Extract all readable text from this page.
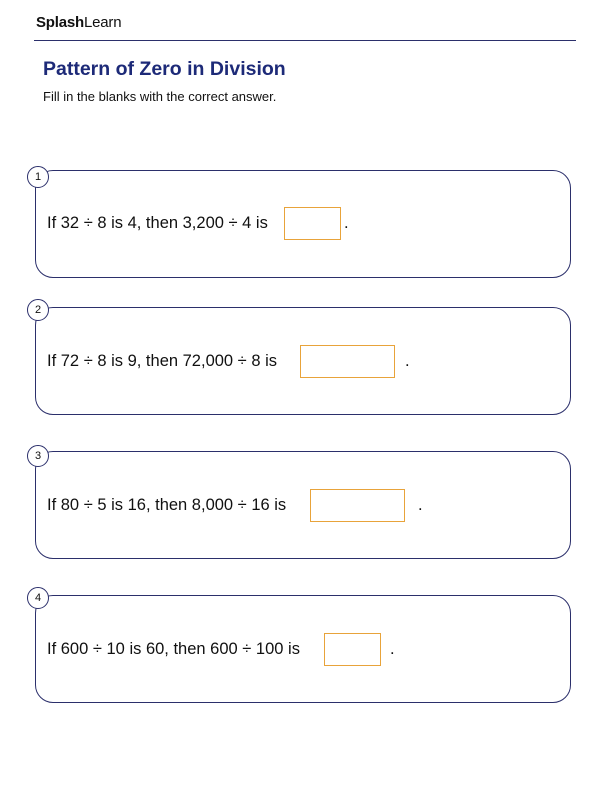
SplashLearn
Pattern of Zero in Division
Fill in the blanks with the correct answer.
1
If 32 ÷ 8 is 4, then 3,200 ÷ 4 is	.
2
If 72 ÷ 8 is 9, then 72,000 ÷ 8 is	.
3
If 80 ÷ 5 is 16, then 8,000 ÷ 16 is	.
4
If 600 ÷ 10 is 60, then 600 ÷ 100 is	.
